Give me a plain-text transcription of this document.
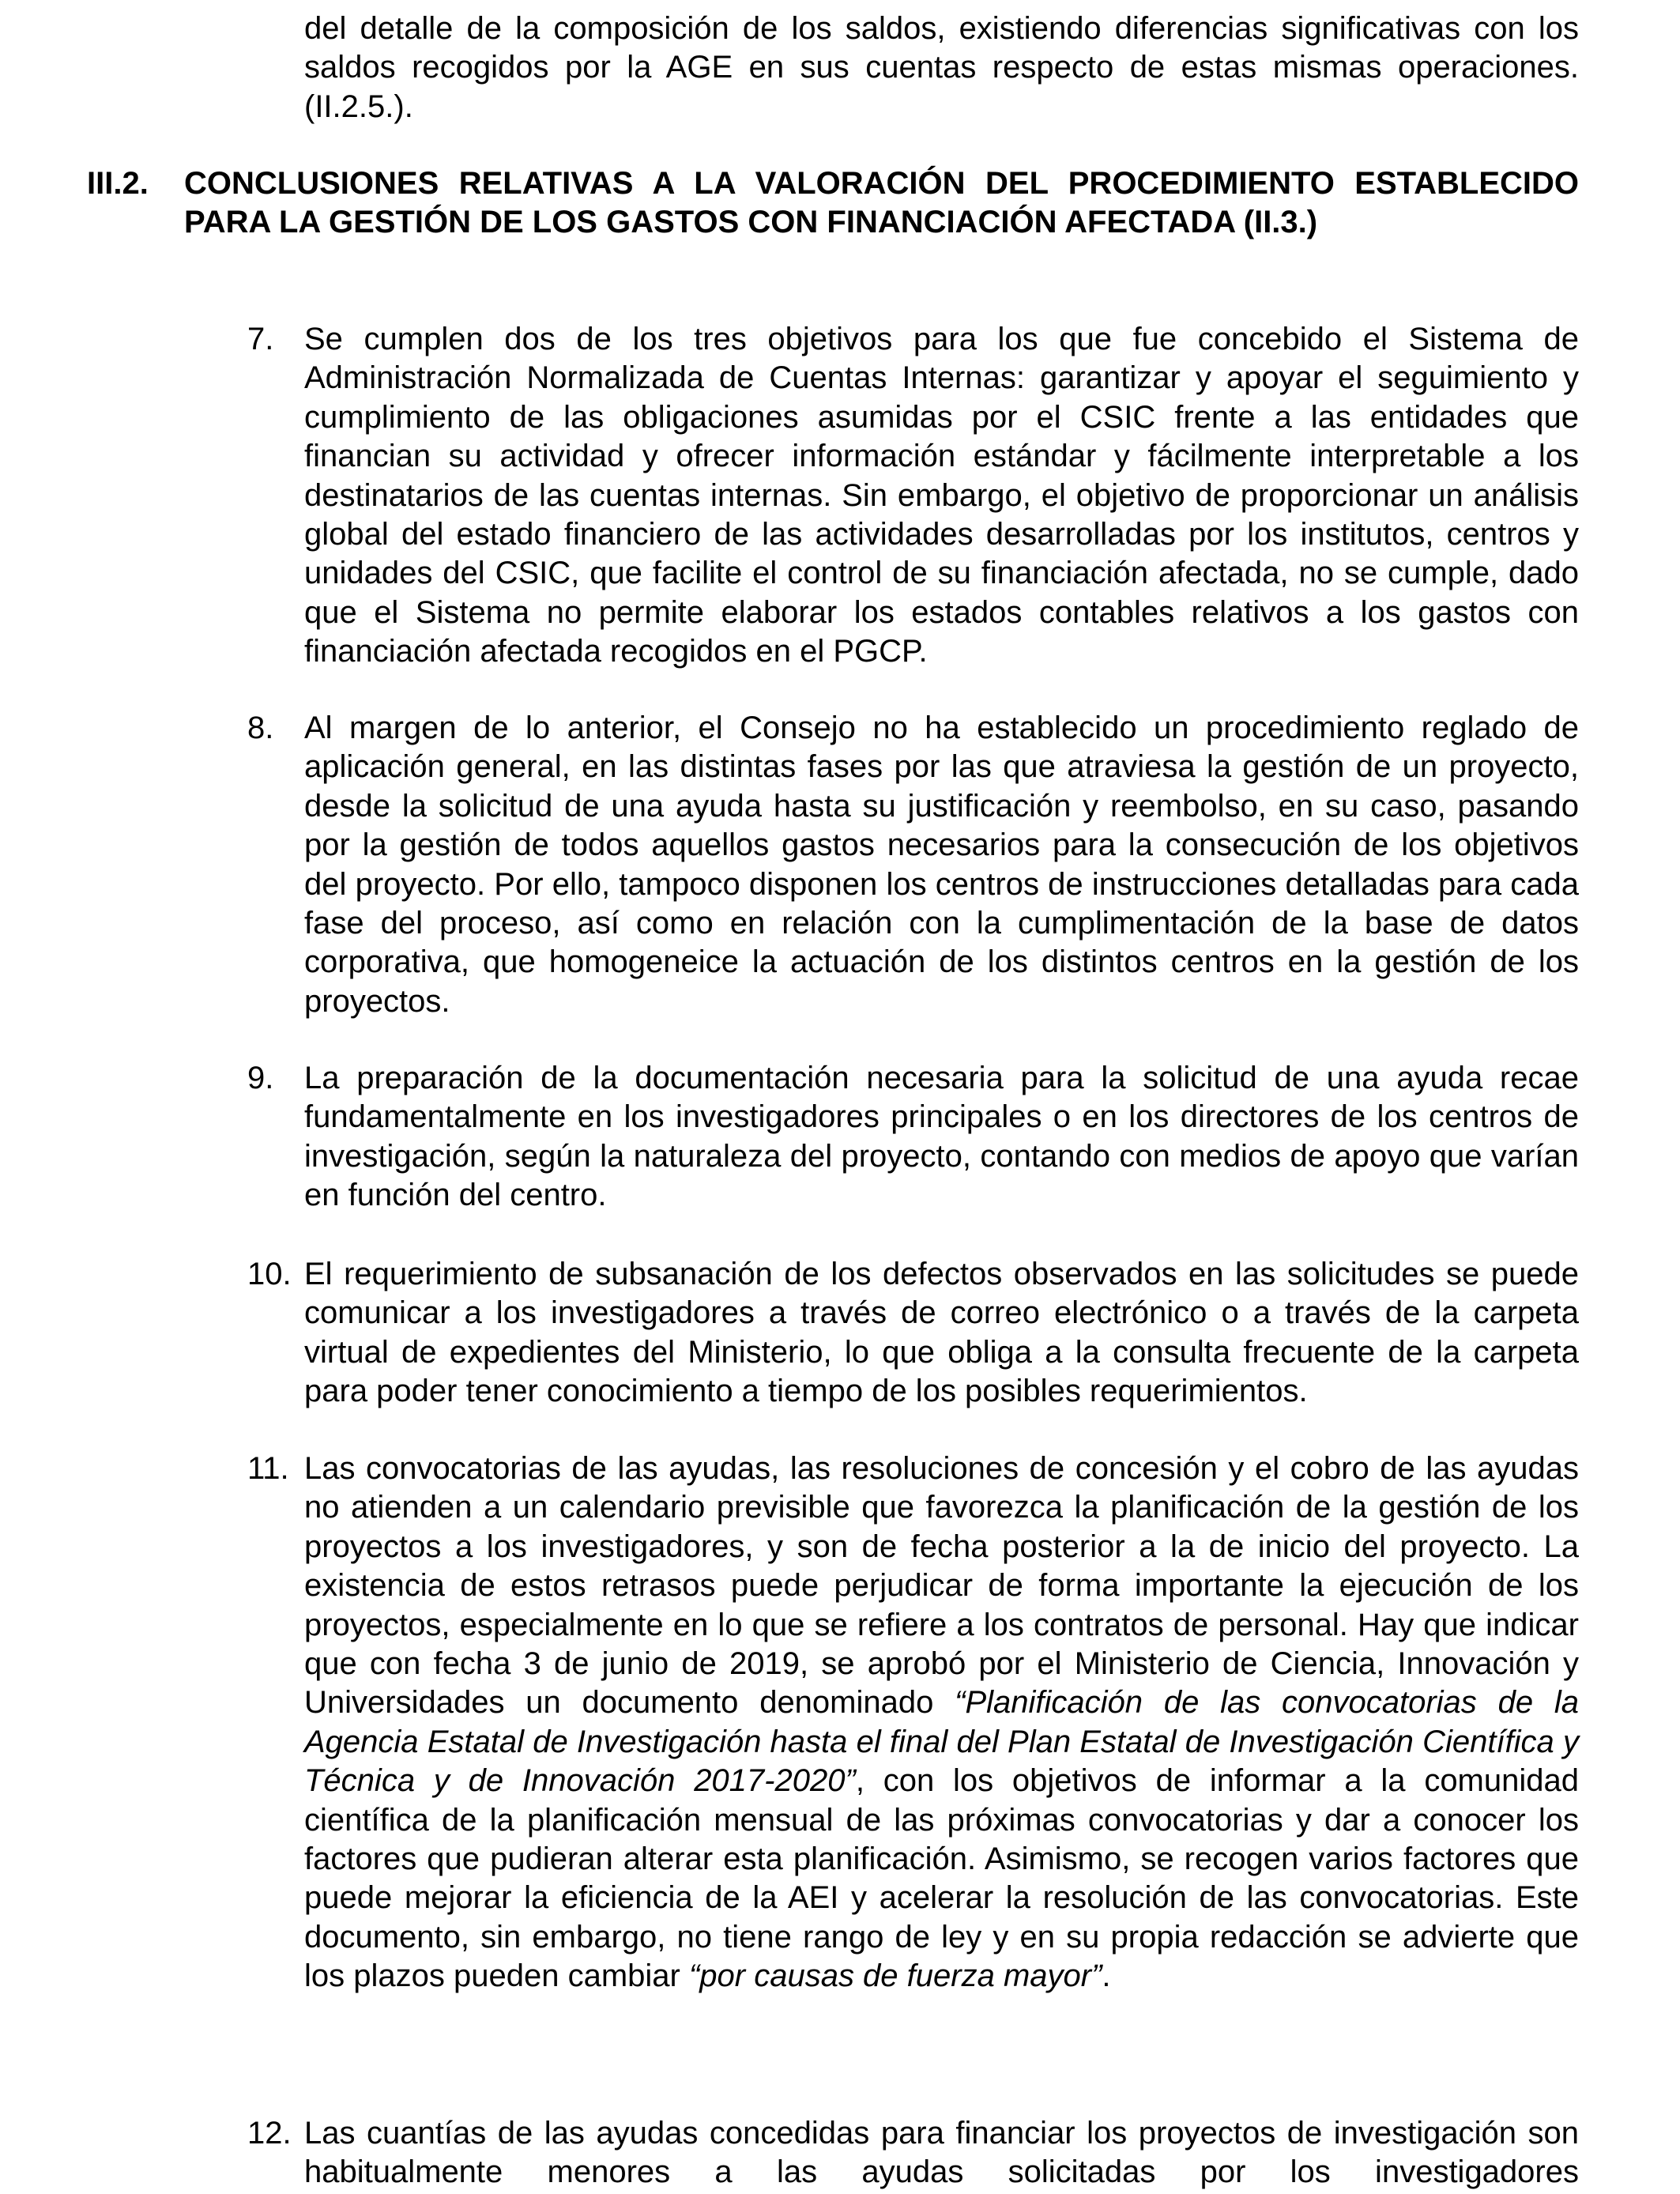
del detalle de la composición de los saldos, existiendo diferencias significativas con los saldos recogidos por la AGE en sus cuentas respecto de estas mismas operaciones. (II.2.5.).

III.2. CONCLUSIONES RELATIVAS A LA VALORACIÓN DEL PROCEDIMIENTO ESTABLECIDO PARA LA GESTIÓN DE LOS GASTOS CON FINANCIACIÓN AFECTADA (II.3.)

7. Se cumplen dos de los tres objetivos para los que fue concebido el Sistema de Administración Normalizada de Cuentas Internas: garantizar y apoyar el seguimiento y cumplimiento de las obligaciones asumidas por el CSIC frente a las entidades que financian su actividad y ofrecer información estándar y fácilmente interpretable a los destinatarios de las cuentas internas. Sin embargo, el objetivo de proporcionar un análisis global del estado financiero de las actividades desarrolladas por los institutos, centros y unidades del CSIC, que facilite el control de su financiación afectada, no se cumple, dado que el Sistema no permite elaborar los estados contables relativos a los gastos con financiación afectada recogidos en el PGCP.

8. Al margen de lo anterior, el Consejo no ha establecido un procedimiento reglado de aplicación general, en las distintas fases por las que atraviesa la gestión de un proyecto, desde la solicitud de una ayuda hasta su justificación y reembolso, en su caso, pasando por la gestión de todos aquellos gastos necesarios para la consecución de los objetivos del proyecto. Por ello, tampoco disponen los centros de instrucciones detalladas para cada fase del proceso, así como en relación con la cumplimentación de la base de datos corporativa, que homogeneice la actuación de los distintos centros en la gestión de los proyectos.

9. La preparación de la documentación necesaria para la solicitud de una ayuda recae fundamentalmente en los investigadores principales o en los directores de los centros de investigación, según la naturaleza del proyecto, contando con medios de apoyo que varían en función del centro.

10. El requerimiento de subsanación de los defectos observados en las solicitudes se puede comunicar a los investigadores a través de correo electrónico o a través de la carpeta virtual de expedientes del Ministerio, lo que obliga a la consulta frecuente de la carpeta para poder tener conocimiento a tiempo de los posibles requerimientos.

11. Las convocatorias de las ayudas, las resoluciones de concesión y el cobro de las ayudas no atienden a un calendario previsible que favorezca la planificación de la gestión de los proyectos a los investigadores, y son de fecha posterior a la de inicio del proyecto. La existencia de estos retrasos puede perjudicar de forma importante la ejecución de los proyectos, especialmente en lo que se refiere a los contratos de personal. Hay que indicar que con fecha 3 de junio de 2019, se aprobó por el Ministerio de Ciencia, Innovación y Universidades un documento denominado “Planificación de las convocatorias de la Agencia Estatal de Investigación hasta el final del Plan Estatal de Investigación Científica y Técnica y de Innovación 2017-2020”, con los objetivos de informar a la comunidad científica de la planificación mensual de las próximas convocatorias y dar a conocer los factores que pudieran alterar esta planificación. Asimismo, se recogen varios factores que puede mejorar la eficiencia de la AEI y acelerar la resolución de las convocatorias. Este documento, sin embargo, no tiene rango de ley y en su propia redacción se advierte que los plazos pueden cambiar “por causas de fuerza mayor”.

12. Las cuantías de las ayudas concedidas para financiar los proyectos de investigación son habitualmente menores a las ayudas solicitadas por los investigadores
